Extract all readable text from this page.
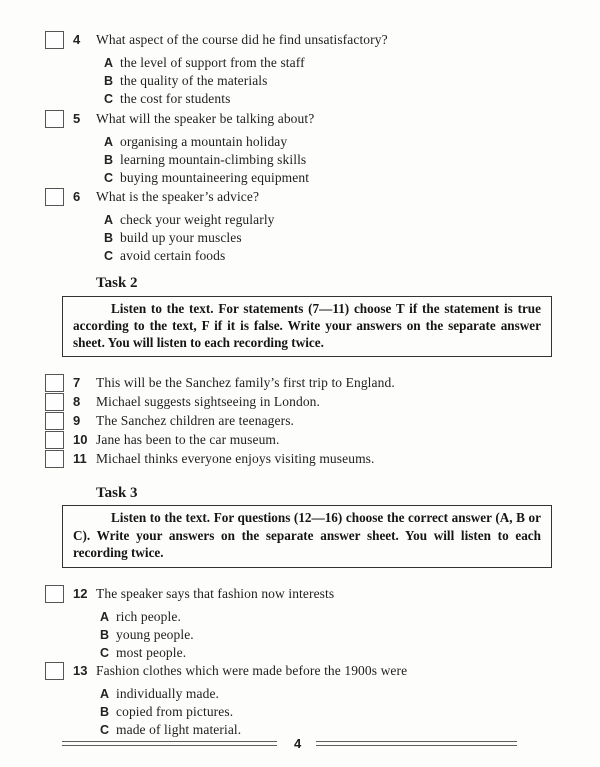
4	What aspect of the course did he find unsatisfactory?
A the level of support from the staff
B the quality of the materials
C the cost for students
5	What will the speaker be talking about?
A organising a mountain holiday
B learning mountain-climbing skills
C buying mountaineering equipment
6	What is the speaker’s advice?
A check your weight regularly
B build up your muscles
C avoid certain foods
Task 2
Listen to the text. For statements (7—11) choose T if the statement is true according to the text, F if it is false. Write your answers on the separate answer sheet. You will listen to each recording twice.
7	This will be the Sanchez family’s first trip to England.
8	Michael suggests sightseeing in London.
9	The Sanchez children are teenagers.
10 Jane has been to the car museum.
11 Michael thinks everyone enjoys visiting museums.
Task 3
Listen to the text. For questions (12—16) choose the correct answer (A, B or C). Write your answers on the separate answer sheet. You will listen to each recording twice.
12 The speaker says that fashion now interests
A rich people.
B young people.
C most people.
13 Fashion clothes which were made before the 1900s were
A individually made.
B copied from pictures.
C made of light material.
4
